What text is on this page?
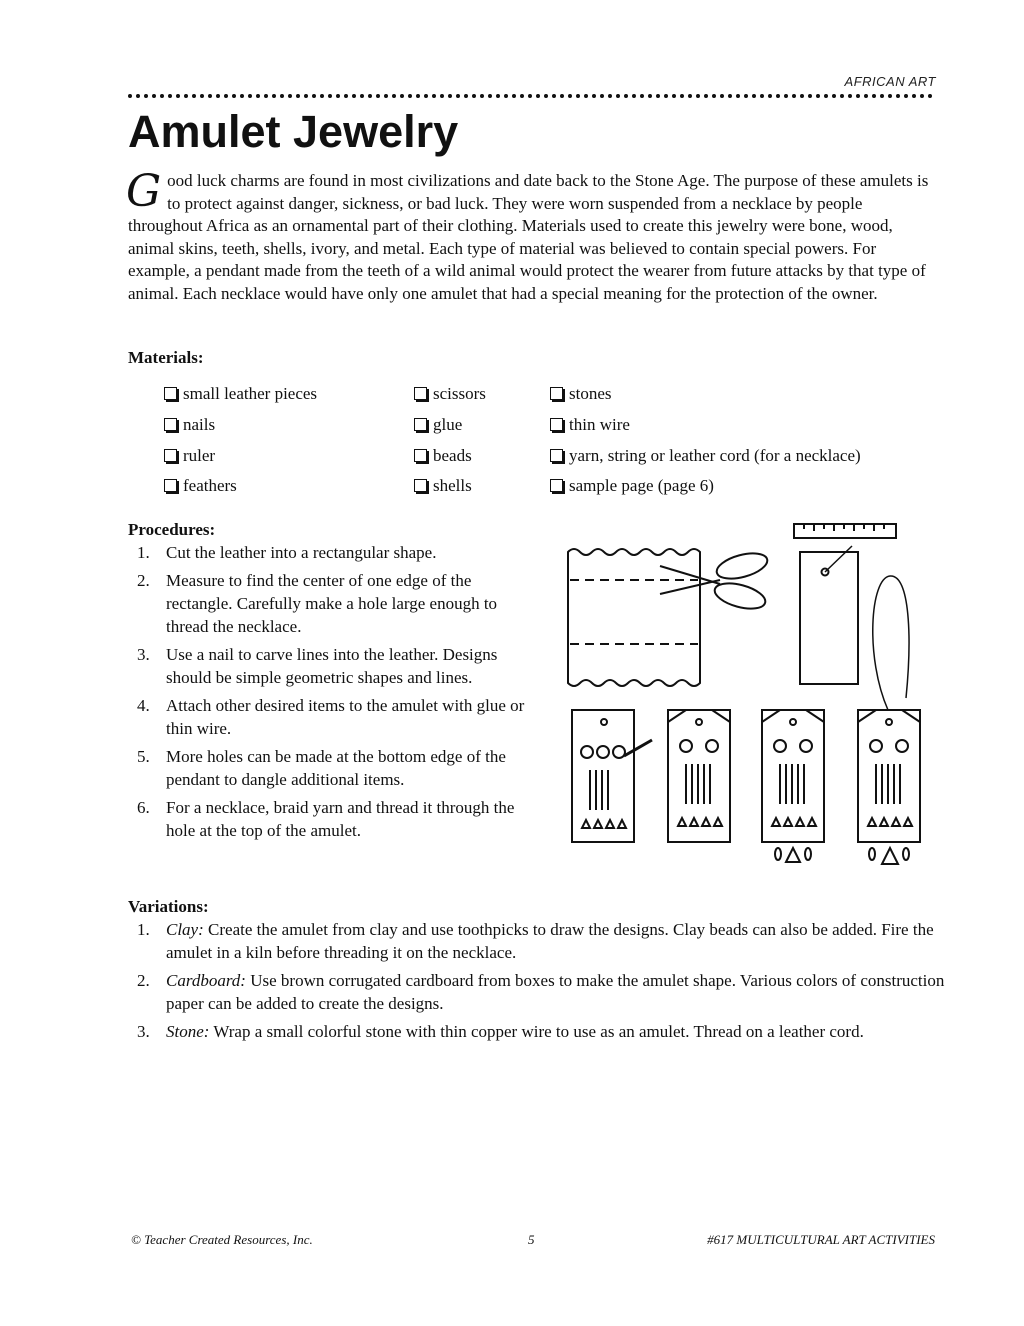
AFRICAN ART
Amulet Jewelry

Good luck charms are found in most civilizations and date back to the Stone Age. The purpose of these amulets is to protect against danger, sickness, or bad luck. They were worn suspended from a necklace by people throughout Africa as an ornamental part of their clothing. Materials used to create this jewelry were bone, wood, animal skins, teeth, shells, ivory, and metal. Each type of material was believed to contain special powers. For example, a pendant made from the teeth of a wild animal would protect the wearer from future attacks by that type of animal. Each necklace would have only one amulet that had a special meaning for the protection of the owner.

Materials:
small leather pieces
nails
ruler
feathers
scissors
glue
beads
shells
stones
thin wire
yarn, string or leather cord (for a necklace)
sample page (page 6)
Procedures:
1. Cut the leather into a rectangular shape.
2. Measure to find the center of one edge of the rectangle. Carefully make a hole large enough to thread the necklace.
3. Use a nail to carve lines into the leather. Designs should be simple geometric shapes and lines.
4. Attach other desired items to the amulet with glue or thin wire.
5. More holes can be made at the bottom edge of the pendant to dangle additional items.
6. For a necklace, braid yarn and thread it through the hole at the top of the amulet.
Variations:
1. Clay: Create the amulet from clay and use toothpicks to draw the designs. Clay beads can also be added. Fire the amulet in a kiln before threading it on the necklace.
2. Cardboard: Use brown corrugated cardboard from boxes to make the amulet shape. Various colors of construction paper can be added to create the designs.
3. Stone: Wrap a small colorful stone with thin copper wire to use as an amulet. Thread on a leather cord.
© Teacher Created Resources, Inc.	5	#617 MULTICULTURAL ART ACTIVITIES
